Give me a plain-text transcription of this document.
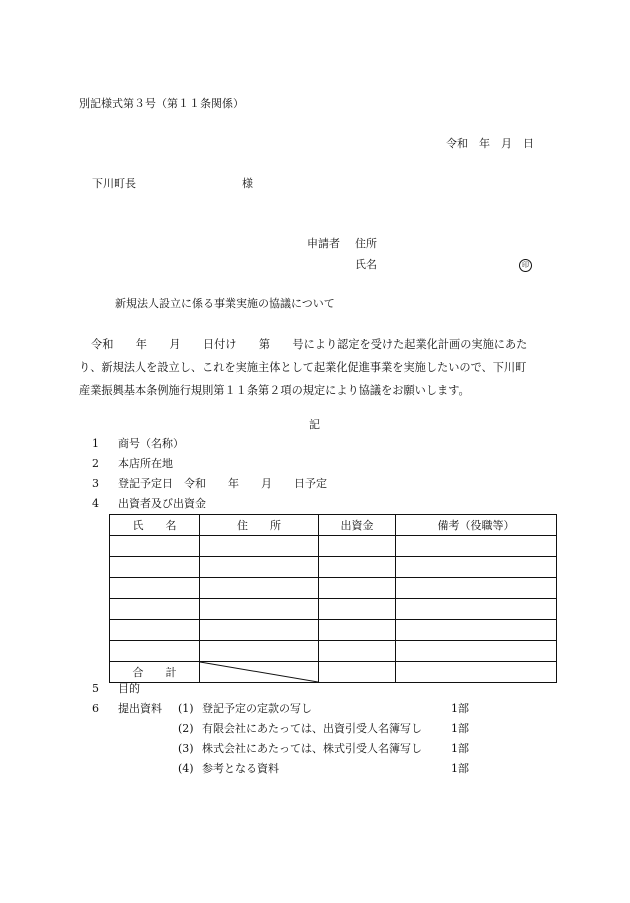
別記様式第３号（第１１条関係）
令和　年　月　日
下川町長	様
申請者 住所
氏名	印
新規法人設立に係る事業実施の協議について

令和　　年　　月　　日付け　　第　　号により認定を受けた起業化計画の実施にあた

り、新規法人を設立し、これを実施主体として起業化促進事業を実施したいので、下川町

産業振興基本条例施行規則第１１条第２項の規定により協議をお願いします。

記
1 商号（名称）
2 本店所在地
3 登記予定日　令和　　年　　月　　日予定
4 出資者及び出資金
氏　　名	住　　所	出資金	備考（役職等）

合　　計	

5 目的
6 提出資料 (1) 登記予定の定款の写し	1部
(2) 有限会社にあたっては、出資引受人名簿写し	1部
(3) 株式会社にあたっては、株式引受人名簿写し	1部
(4) 参考となる資料	1部
